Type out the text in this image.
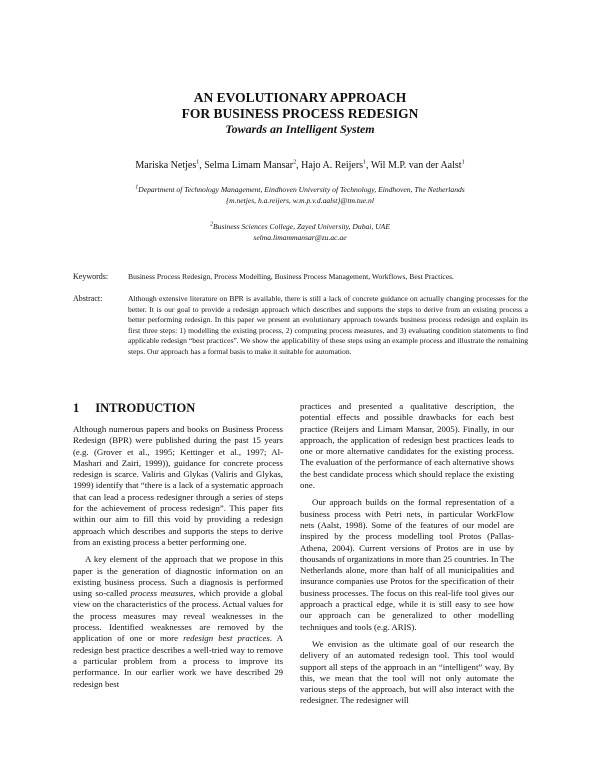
AN EVOLUTIONARY APPROACH
FOR BUSINESS PROCESS REDESIGN
Towards an Intelligent System
Mariska Netjes$^1$, Selma Limam Mansar$^2$, Hajo A. Reijers$^1$, Wil M.P. van der Aalst$^1$
$^1$Department of Technology Management, Eindhoven University of Technology, Eindhoven, The Netherlands
{m.netjes, h.a.reijers, w.m.p.v.d.aalst}@tm.tue.nl
$^2$Business Sciences College, Zayed University, Dubai, UAE
selma.limammansar@zu.ac.ae
Keywords:	Business Process Redesign, Process Modelling, Business Process Management, Workflows, Best Practices.
Abstract:	Although extensive literature on BPR is available, there is still a lack of concrete guidance on actually changing processes for the better. It is our goal to provide a redesign approach which describes and supports the steps to derive from an existing process a better performing redesign. In this paper we present an evolutionary approach towards business process redesign and explain its first three steps: 1) modelling the existing process, 2) computing process measures, and 3) evaluating condition statements to find applicable redesign “best practices”. We show the applicability of these steps using an example process and illustrate the remaining steps. Our approach has a formal basis to make it suitable for automation.
1 INTRODUCTION

Although numerous papers and books on Business Process Redesign (BPR) were published during the past 15 years (e.g. (Grover et al., 1995; Kettinger et al., 1997; Al-Mashari and Zairi, 1999)), guidance for concrete process redesign is scarce. Valiris and Glykas (Valiris and Glykas, 1999) identify that “there is a lack of a systematic approach that can lead a process redesigner through a series of steps for the achievement of process redesign”. This paper fits within our aim to fill this void by providing a redesign approach which describes and supports the steps to derive from an existing process a better performing one.

A key element of the approach that we propose in this paper is the generation of diagnostic information on an existing business process. Such a diagnosis is performed using so-called process measures, which provide a global view on the characteristics of the process. Actual values for the process measures may reveal weaknesses in the process. Identified weaknesses are removed by the application of one or more redesign best practices. A redesign best practice describes a well-tried way to remove a particular problem from a process to improve its performance. In our earlier work we have described 29 redesign best

practices and presented a qualitative description, the potential effects and possible drawbacks for each best practice (Reijers and Limam Mansar, 2005). Finally, in our approach, the application of redesign best practices leads to one or more alternative candidates for the existing process. The evaluation of the performance of each alternative shows the best candidate process which should replace the existing one.

Our approach builds on the formal representation of a business process with Petri nets, in particular WorkFlow nets (Aalst, 1998). Some of the features of our model are inspired by the process modelling tool Protos (Pallas-Athena, 2004). Current versions of Protos are in use by thousands of organizations in more than 25 countries. In The Netherlands alone, more than half of all municipalities and insurance companies use Protos for the specification of their business processes. The focus on this real-life tool gives our approach a practical edge, while it is still easy to see how our approach can be generalized to other modelling techniques and tools (e.g. ARIS).

We envision as the ultimate goal of our research the delivery of an automated redesign tool. This tool would support all steps of the approach in an “intelligent” way. By this, we mean that the tool will not only automate the various steps of the approach, but will also interact with the redesigner. The redesigner will
